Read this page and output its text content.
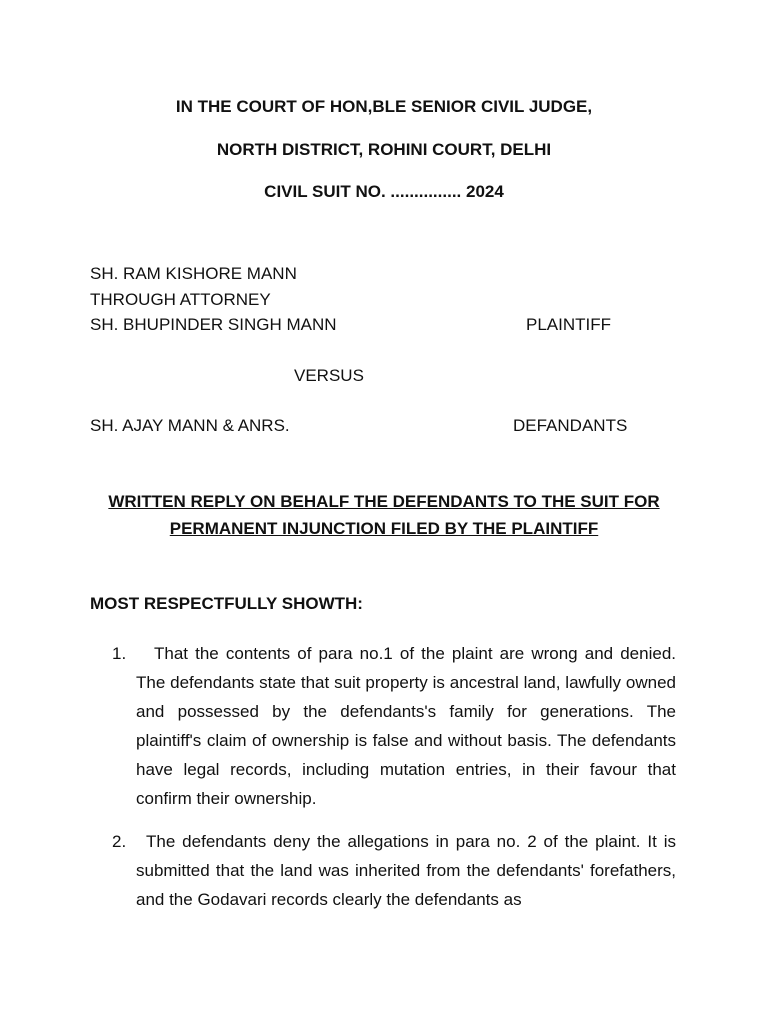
IN THE COURT OF HON,BLE SENIOR CIVIL JUDGE,
NORTH DISTRICT, ROHINI COURT, DELHI
CIVIL SUIT NO. ............... 2024
SH. RAM KISHORE MANN
THROUGH ATTORNEY
SH. BHUPINDER SINGH MANN	PLAINTIFF
VERSUS
SH. AJAY MANN & ANRS.	DEFANDANTS
WRITTEN REPLY ON BEHALF THE DEFENDANTS TO THE SUIT FOR
PERMANENT INJUNCTION FILED BY THE PLAINTIFF
MOST RESPECTFULLY SHOWTH:
1.	That the contents of para no.1 of the plaint are wrong and denied. The defendants state that suit property is ancestral land, lawfully owned and possessed by the defendants's family for generations. The plaintiff's claim of ownership is false and without basis. The defendants have legal records, including mutation entries, in their favour that confirm their ownership.
2.	The defendants deny the allegations in para no. 2 of the plaint. It is submitted that the land was inherited from the defendants' forefathers, and the Godavari records clearly the defendants as
